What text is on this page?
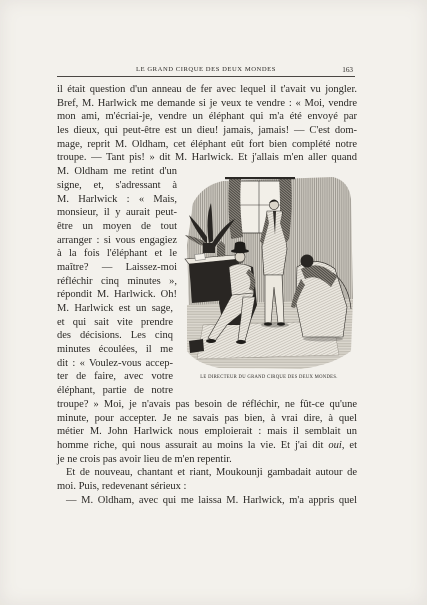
LE GRAND CIRQUE DES DEUX MONDES	163
il était question d'un anneau de fer avec lequel il t'avait vu jongler.
Bref, M. Harlwick me demande si je veux te vendre : « Moi, vendre
mon ami, m'écriai-je, vendre un éléphant qui m'a été envoyé par
les dieux, qui peut-être est un dieu! jamais, jamais! — C'est dom-
mage, reprit M. Oldham, cet éléphant eût fort bien complété notre
troupe. — Tant pis! » dit M. Harlwick. Et j'allais m'en aller quand
M. Oldham me retint d'un
signe, et, s'adressant à
M. Harlwick : « Mais,
monsieur, il y aurait peut-
être un moyen de tout
arranger : si vous engagiez
à la fois l'éléphant et le
maître? — Laissez-moi
réfléchir cinq minutes »,
répondit M. Harlwick. Oh!
M. Harlwick est un sage,
et qui sait vite prendre
des décisions. Les cinq
minutes écoulées, il me
dit : « Voulez-vous accep-
ter de faire, avec votre
éléphant, partie de notre
troupe? » Moi, je n'avais pas besoin de réfléchir, ne fût-ce qu'une
minute, pour accepter. Je ne savais pas bien, à vrai dire, à quel
métier M. John Harlwick nous emploierait : mais il semblait un
homme riche, qui nous assurait au moins la vie. Et j'ai dit oui, et
je ne crois pas avoir lieu de m'en repentir.
Et de nouveau, chantant et riant, Moukounji gambadait autour de
moi. Puis, redevenant sérieux :
— M. Oldham, avec qui me laissa M. Harlwick, m'a appris quel
LE DIRECTEUR DU GRAND CIRQUE DES DEUX MONDES.
